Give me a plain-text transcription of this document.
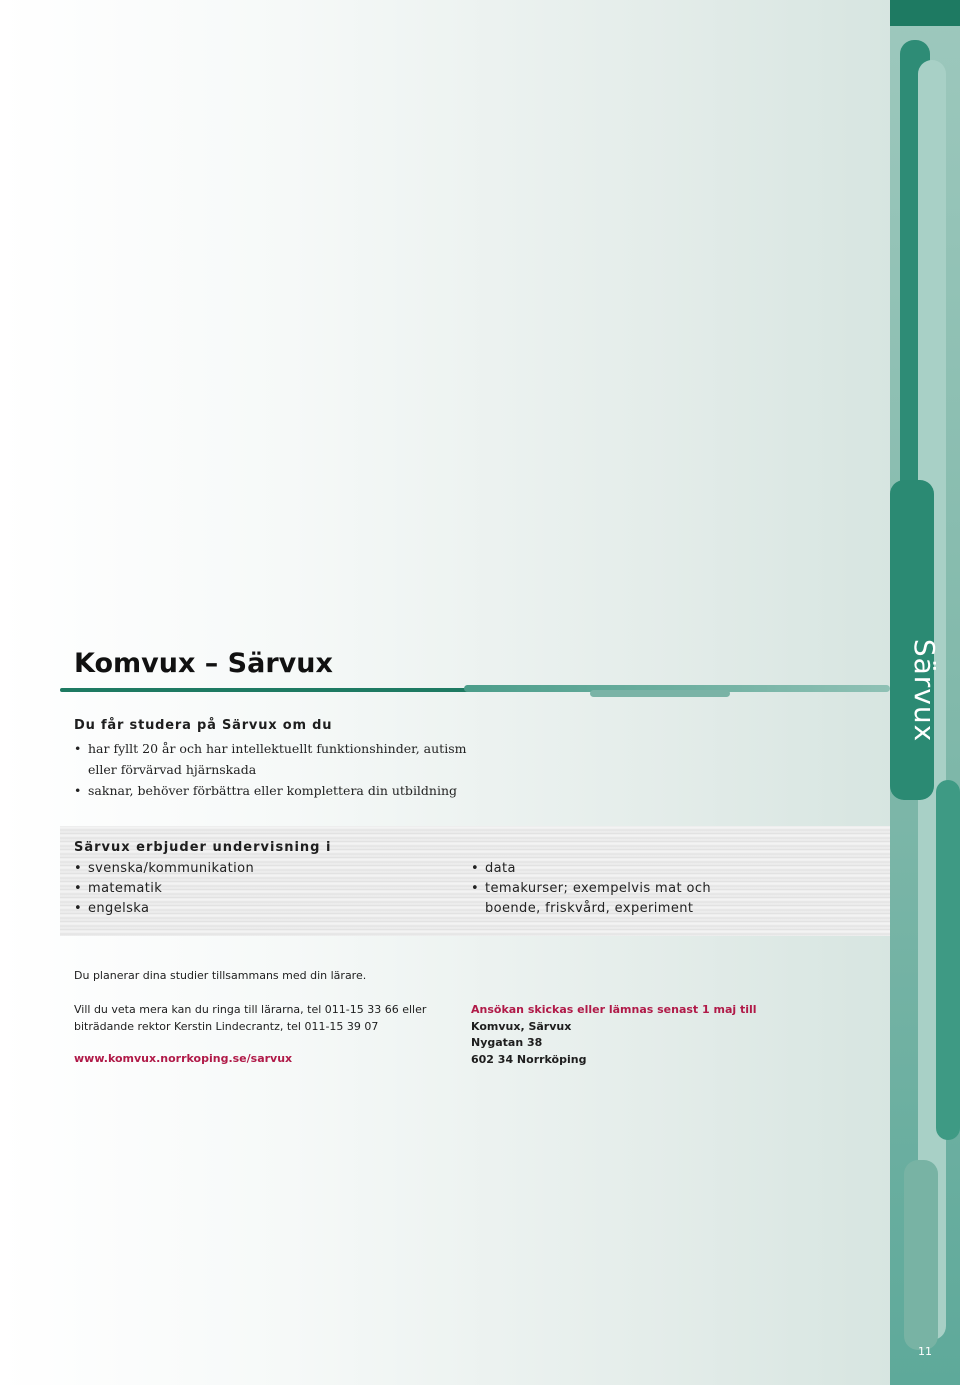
Särvux
11
Komvux – Särvux

Du får studera på Särvux om du

• har fyllt 20 år och har intellektuellt funktionshinder, autism eller förvärvad hjärnskada
• saknar, behöver förbättra eller komplettera din utbildning

Särvux erbjuder undervisning i

• svenska/kommunikation
• matematik
• engelska
• data
• temakurser; exempelvis mat och boende, friskvård, experiment

Du planerar dina studier tillsammans med din lärare.

Vill du veta mera kan du ringa till lärarna, tel 011-15 33 66 eller biträdande rektor Kerstin Lindecrantz, tel 011-15 39 07

www.komvux.norrkoping.se/sarvux
Ansökan skickas eller lämnas senast 1 maj till
Komvux, Särvux
Nygatan 38
602 34 Norrköping
